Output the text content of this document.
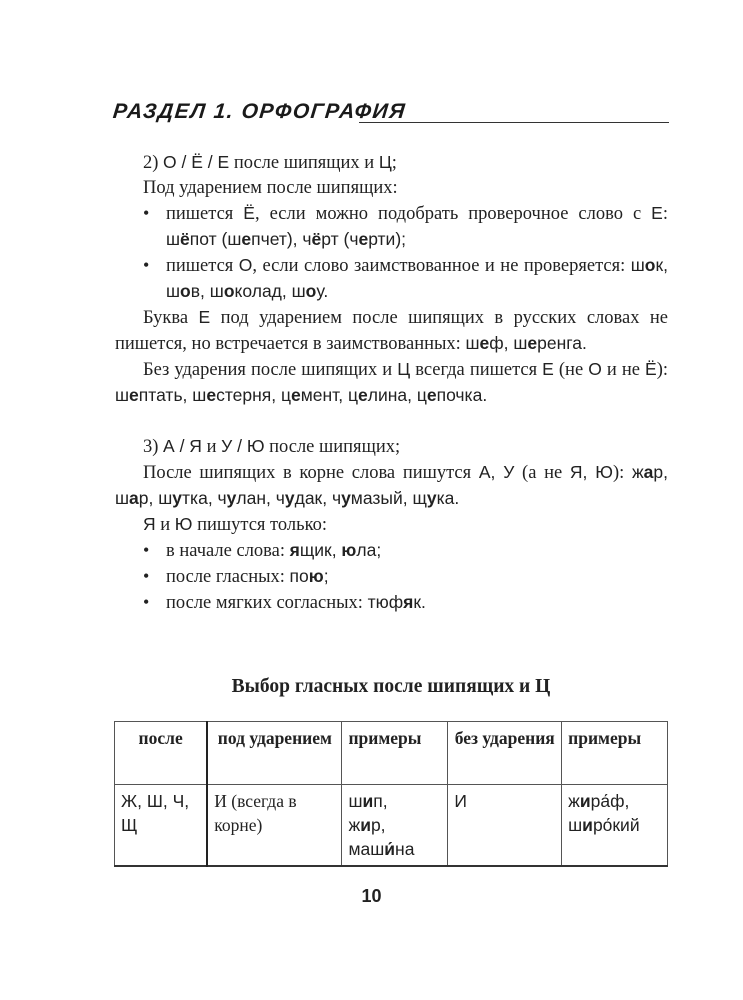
РАЗДЕЛ 1. ОРФОГРАФИЯ

2) О / Ё / Е после шипящих и Ц;

Под ударением после шипящих:

• пишется Ё, если можно подобрать проверочное слово с Е: шёпот (шепчет), чёрт (черти);
• пишется О, если слово заимствованное и не проверяется: шок, шов, шоколад, шоу.

Буква Е под ударением после шипящих в русских словах не пишется, но встречается в заимствованных: шеф, шеренга.

Без ударения после шипящих и Ц всегда пишется Е (не О и не Ё): шептать, шестерня, цемент, целина, цепочка.

3) А / Я и У / Ю после шипящих;

После шипящих в корне слова пишутся А, У (а не Я, Ю): жар, шар, шутка, чулан, чудак, чумазый, щука.

Я и Ю пишутся только:

• в начале слова: ящик, юла;
• после гласных: пою;
• после мягких согласных: тюфяк.
Выбор гласных после шипящих и Ц
после	под ударением	примеры	без ударения	примеры
Ж, Ш, Ч, Щ	И (всегда в корне)	шип,
жир,
маши́на	И	жира́ф,
широ́кий
10
